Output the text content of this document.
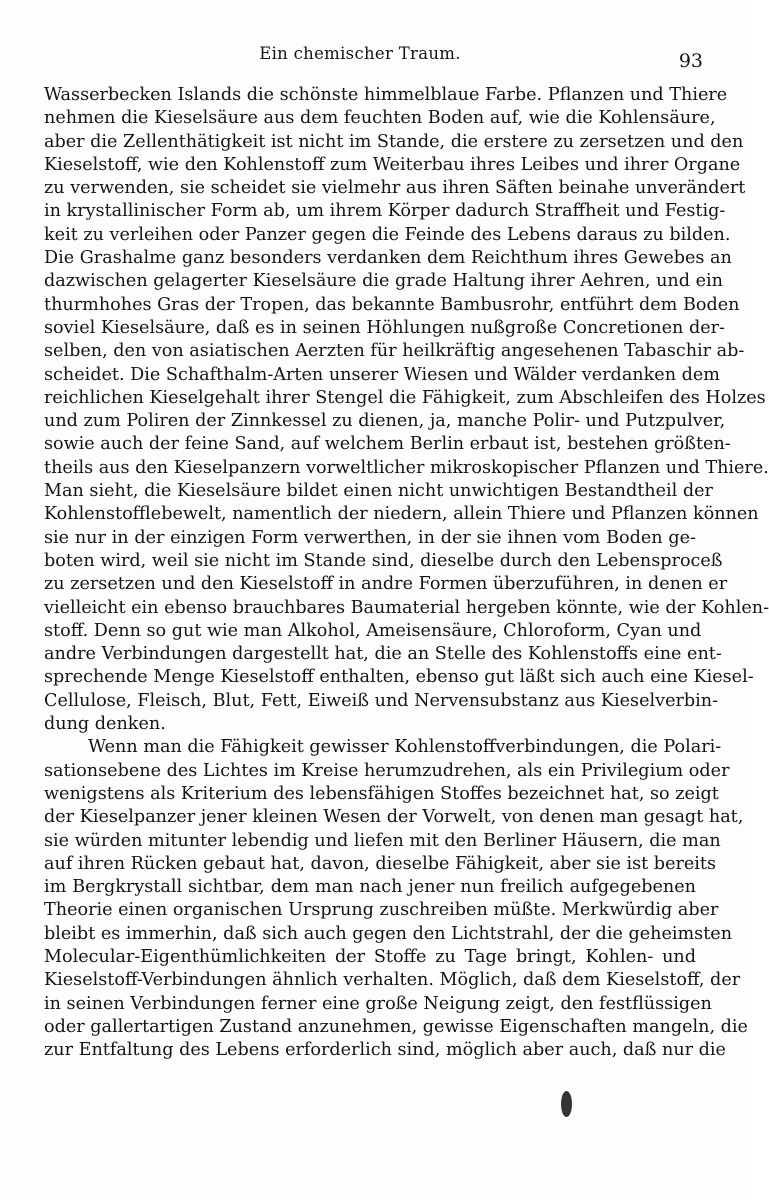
Ein chemischer Traum.	93
Wasserbecken Islands die schönste himmelblaue Farbe. Pflanzen und Thiere
nehmen die Kieselsäure aus dem feuchten Boden auf, wie die Kohlensäure,
aber die Zellenthätigkeit ist nicht im Stande, die erstere zu zersetzen und den
Kieselstoff, wie den Kohlenstoff zum Weiterbau ihres Leibes und ihrer Organe
zu verwenden, sie scheidet sie vielmehr aus ihren Säften beinahe unverändert
in krystallinischer Form ab, um ihrem Körper dadurch Straffheit und Festig-
keit zu verleihen oder Panzer gegen die Feinde des Lebens daraus zu bilden.
Die Grashalme ganz besonders verdanken dem Reichthum ihres Gewebes an
dazwischen gelagerter Kieselsäure die grade Haltung ihrer Aehren, und ein
thurmhohes Gras der Tropen, das bekannte Bambusrohr, entführt dem Boden
soviel Kieselsäure, daß es in seinen Höhlungen nußgroße Concretionen der-
selben, den von asiatischen Aerzten für heilkräftig angesehenen Tabaschir ab-
scheidet. Die Schafthalm-Arten unserer Wiesen und Wälder verdanken dem
reichlichen Kieselgehalt ihrer Stengel die Fähigkeit, zum Abschleifen des Holzes
und zum Poliren der Zinnkessel zu dienen, ja, manche Polir- und Putzpulver,
sowie auch der feine Sand, auf welchem Berlin erbaut ist, bestehen größten-
theils aus den Kieselpanzern vorweltlicher mikroskopischer Pflanzen und Thiere.
Man sieht, die Kieselsäure bildet einen nicht unwichtigen Bestandtheil der
Kohlenstofflebewelt, namentlich der niedern, allein Thiere und Pflanzen können
sie nur in der einzigen Form verwerthen, in der sie ihnen vom Boden ge-
boten wird, weil sie nicht im Stande sind, dieselbe durch den Lebensproceß
zu zersetzen und den Kieselstoff in andre Formen überzuführen, in denen er
vielleicht ein ebenso brauchbares Baumaterial hergeben könnte, wie der Kohlen-
stoff. Denn so gut wie man Alkohol, Ameisensäure, Chloroform, Cyan und
andre Verbindungen dargestellt hat, die an Stelle des Kohlenstoffs eine ent-
sprechende Menge Kieselstoff enthalten, ebenso gut läßt sich auch eine Kiesel-
Cellulose, Fleisch, Blut, Fett, Eiweiß und Nervensubstanz aus Kieselverbin-
dung denken.
Wenn man die Fähigkeit gewisser Kohlenstoffverbindungen, die Polari-
sationsebene des Lichtes im Kreise herumzudrehen, als ein Privilegium oder
wenigstens als Kriterium des lebensfähigen Stoffes bezeichnet hat, so zeigt
der Kieselpanzer jener kleinen Wesen der Vorwelt, von denen man gesagt hat,
sie würden mitunter lebendig und liefen mit den Berliner Häusern, die man
auf ihren Rücken gebaut hat, davon, dieselbe Fähigkeit, aber sie ist bereits
im Bergkrystall sichtbar, dem man nach jener nun freilich aufgegebenen
Theorie einen organischen Ursprung zuschreiben müßte. Merkwürdig aber
bleibt es immerhin, daß sich auch gegen den Lichtstrahl, der die geheimsten
Molecular-Eigenthümlichkeiten der Stoffe zu Tage bringt, Kohlen- und
Kieselstoff-Verbindungen ähnlich verhalten. Möglich, daß dem Kieselstoff, der
in seinen Verbindungen ferner eine große Neigung zeigt, den festflüssigen
oder gallertartigen Zustand anzunehmen, gewisse Eigenschaften mangeln, die
zur Entfaltung des Lebens erforderlich sind, möglich aber auch, daß nur die
